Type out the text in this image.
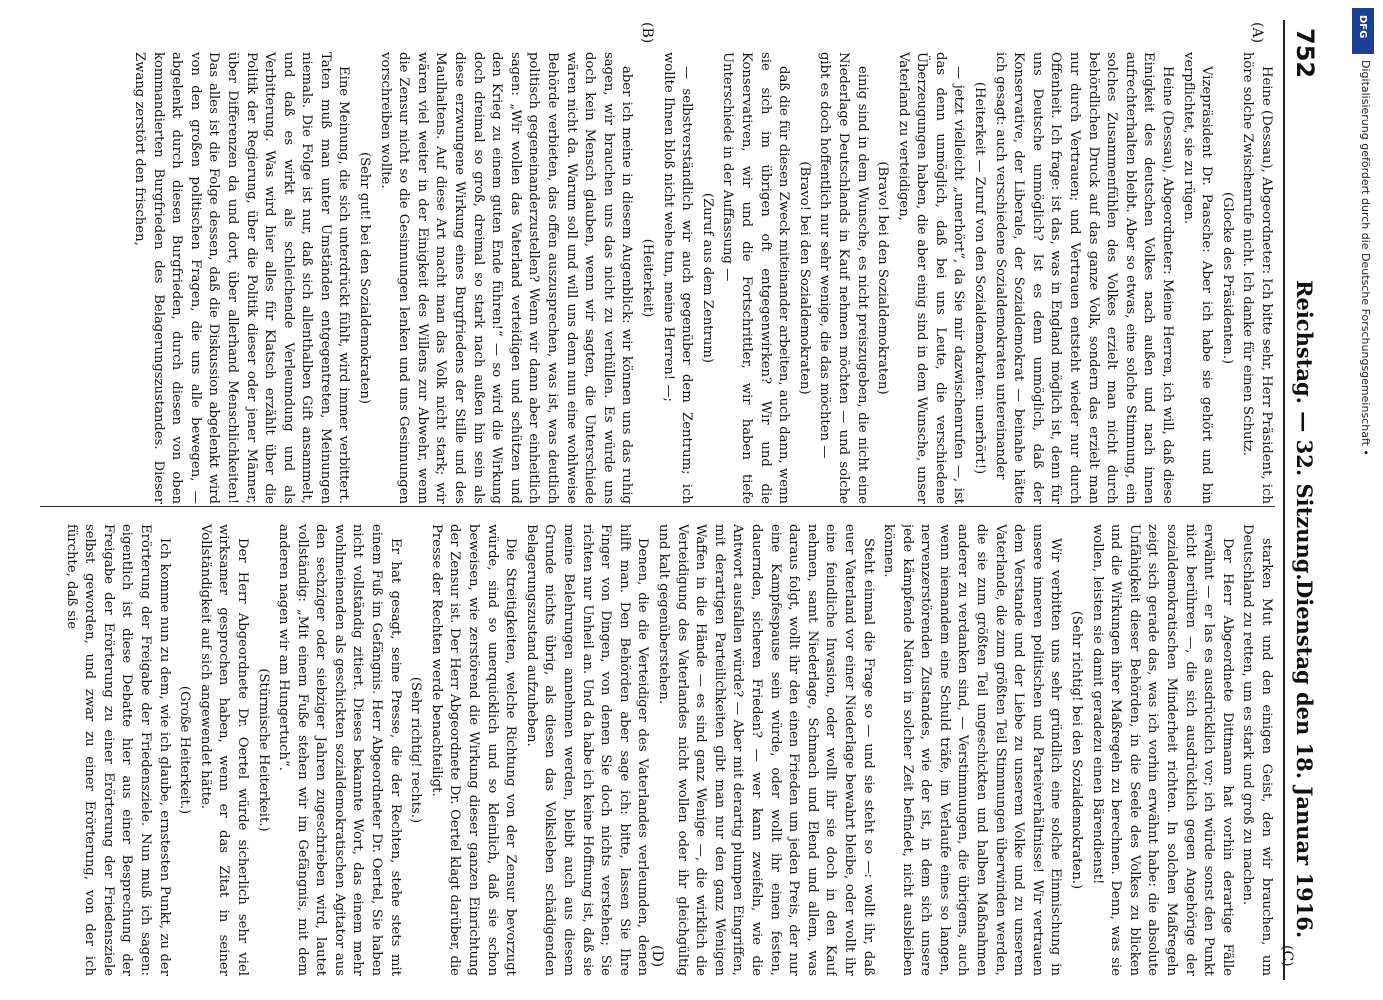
752
Reichstag. — 32. Sitzung.
Dienstag den 18. Januar 1916.
(A)
(B)
(C)
(D)

Heine (Dessau), Abgeordneter: Ich bitte sehr, Herr Präsident, ich höre solche Zwischenrufe nicht. Ich danke für einen Schutz.

(Glocke des Präsidenten.)

Vizepräsident Dr. Paasche: Aber ich habe sie gehört und bin verpflichtet, sie zu rügen.

Heine (Dessau), Abgeordneter: Meine Herren, ich will, daß diese Einigkeit des deutschen Volkes nach außen und nach innen aufrechterhalten bleibt. Aber so etwas, eine solche Stimmung, ein solches Zusammenfühlen des Volkes erzielt man nicht durch behördlichen Druck auf das ganze Volk, sondern das erzielt man nur durch Vertrauen; und Vertrauen entsteht wieder nur durch Offenheit. Ich frage: ist das, was in England möglich ist, denn für uns Deutsche unmöglich? Ist es denn unmöglich, daß der Konservative, der Liberale, der Sozialdemokrat — beinahe hätte ich gesagt: auch verschiedene Sozialdemokraten untereinander

(Heiterkeit — Zuruf von den Sozialdemokraten: unerhört!)

— jetzt vielleicht „unerhört“, da Sie mir dazwischenrufen —, ist das denn unmöglich, daß bei uns Leute, die verschiedene Überzeugungen haben, die aber einig sind in dem Wunsche, unser Vaterland zu verteidigen,

(Bravo! bei den Sozialdemokraten)

einig sind in dem Wunsche, es nicht preiszugeben, die nicht eine Niederlage Deutschlands in Kauf nehmen möchten — und solche gibt es doch hoffentlich nur sehr wenige, die das möchten —

(Bravo! bei den Sozialdemokraten)

daß die für diesen Zweck miteinander arbeiten, auch dann, wenn sie sich im übrigen oft entgegenwirken? Wir und die Konservativen, wir und die Fortschrittler, wir haben tiefe Unterschiede in der Auffassung —

(Zuruf aus dem Zentrum)

— selbstverständlich wir auch gegenüber dem Zentrum; ich wollte Ihnen bloß nicht wehe tun, meine Herren! —;

(Heiterkeit)

aber ich meine in diesem Augenblick: wir können uns das ruhig sagen, wir brauchen uns das nicht zu verhüllen. Es würde uns doch kein Mensch glauben, wenn wir sagten, die Unterschiede wären nicht da. Warum soll und will uns denn nun eine wohlweise Behörde verbieten, das offen auszusprechen, was ist, was deutlich politisch gegeneinanderzustellen? Wenn wir dann aber einheitlich sagen: „Wir wollen das Vaterland verteidigen und schützen und den Krieg zu einem guten Ende führen!“ — so wird die Wirkung doch dreimal so groß, dreimal so stark nach außen hin sein als diese erzwungene Wirkung eines Burgfriedens der Stille und des Maulhaltens. Auf diese Art macht man das Volk nicht stark; wir wären viel weiter in der Einigkeit des Willens zur Abwehr, wenn die Zensur nicht so die Gesinnungen lenken und uns Gesinnungen vorschreiben wollte.

(Sehr gut! bei den Sozialdemokraten)

Eine Meinung, die sich unterdrückt fühlt, wird immer verbittert. Taten muß man unter Umständen entgegentreten, Meinungen niemals. Die Folge ist nur, daß sich allenthalben Gift ansammelt, und daß es wirkt als schleichende Verleumdung und als Verbitterung. Was wird hier alles für Klatsch erzählt über die Politik der Regierung, über die Politik dieser oder jener Männer, über Differenzen da und dort, über allerhand Menschlichkeiten! Das alles ist die Folge dessen, daß die Diskussion abgelenkt wird von den großen politischen Fragen, die uns alle bewegen, — abgelenkt durch diesen Burgfrieden, durch diesen von oben kommandierten Burgfrieden des Belagerungszustandes. Dieser Zwang zerstört den frischen,

starken Mut und den einigen Geist, den wir brauchen, um Deutschland zu retten, um es stark und groß zu machen.

Der Herr Abgeordnete Dittmann hat vorhin derartige Fälle erwähnt — er las es ausdrücklich vor; ich würde sonst den Punkt nicht berühren —, die sich ausdrücklich gegen Angehörige der sozialdemokratischen Minderheit richten. In solchen Maßregeln zeigt sich gerade das, was ich vorhin erwähnt habe: die absolute Unfähigkeit dieser Behörden, in die Seele des Volkes zu blicken und die Wirkungen ihrer Maßregeln zu berechnen. Denn, was sie wollen, leisten sie damit geradezu einen Bärendienst!

(Sehr richtig! bei den Sozialdemokraten.)

Wir verbitten uns sehr gründlich eine solche Einmischung in unsere inneren politischen und Parteiverhältnisse! Wir vertrauen dem Verstande und der Liebe zu unserem Volke und zu unserem Vaterlande, die zum größten Teil Stimmungen überwinden werden, die sie zum größten Teil ungeschickten und halben Maßnahmen anderer zu verdanken sind, — Verstimmungen, die übrigens, auch wenn niemandem eine Schuld träfe, im Verlaufe eines so langen, nervenzerstörenden Zustandes, wie der ist, in dem sich unsere jede kämpfende Nation in solcher Zeit befindet, nicht ausbleiben können.

Steht einmal die Frage so — und sie steht so —: wollt ihr, daß euer Vaterland vor einer Niederlage bewahrt bleibe, oder wollt ihr eine feindliche Invasion, oder wollt ihr sie doch in den Kauf nehmen, samt Niederlage, Schmach und Elend und allem, was daraus folgt, wollt ihr den einen Frieden um jeden Preis, der nur eine Kampfespause sein würde, oder wollt ihr einen festen, dauernden, sicheren Frieden? — wer kann zweifeln, wie die Antwort ausfallen würde? — Aber mit derartig plumpen Eingriffen, mit derartigen Parteilichkeiten gibt man nur den ganz Wenigen Waffen in die Hände — es sind ganz Wenige —, die wirklich die Verteidigung des Vaterlandes nicht wollen oder ihr gleichgültig und kalt gegenüberstehen.

Denen, die die Verteidiger des Vaterlandes verleumden, denen hilft man. Den Behörden aber sage ich: bitte, lassen Sie Ihre Finger von Dingen, von denen Sie doch nichts verstehen; Sie richten nur Unheil an. Und da habe ich keine Hoffnung ist, daß sie meine Belehrungen annehmen werden, bleibt auch aus diesem Grunde nichts übrig, als diesen das Volksleben schädigenden Belagerungszustand aufzuheben.

Die Streitigkeiten, welche Richtung von der Zensur bevorzugt würde, sind so unerquicklich und so kleinlich, daß sie schon beweisen, wie zerstörend die Wirkung dieser ganzen Einrichtung der Zensur ist. Der Herr Abgeordnete Dr. Oertel klagt darüber, die Presse der Rechten werde benachteiligt.

(Sehr richtig! rechts.)

Er hat gesagt, seine Presse, die der Rechten, stehe stets mit einem Fuß im Gefängnis. Herr Abgeordneter Dr. Oertel, Sie haben nicht vollständig zitiert. Dieses bekannte Wort, das einem mehr wohlmeinenden als geschickten sozialdemokratischen Agitator aus den sechziger oder siebziger Jahren zugeschrieben wird, lautet vollständig: „Mit einem Fuße stehen wir im Gefängnis, mit dem anderen nagen wir am Hungertuch“.

(Stürmische Heiterkeit.)

Der Herr Abgeordnete Dr. Oertel würde sicherlich sehr viel wirksamer gesprochen haben, wenn er das Zitat in seiner Vollständigkeit auf sich angewendet hätte.

(Große Heiterkeit.)

Ich komme nun zu dem, wie ich glaube, ernstesten Punkt, zu der Erörterung der Freigabe der Friedensziele. Nun muß ich sagen: eigentlich ist diese Debatte hier aus einer Besprechung der Freigabe der Erörterung zu einer Erörterung der Friedensziele selbst geworden, und zwar zu einer Erörterung, von der ich fürchte, daß sie

DFG
Digitalisierung gefördert durch die Deutsche Forschungsgemeinschaft •
